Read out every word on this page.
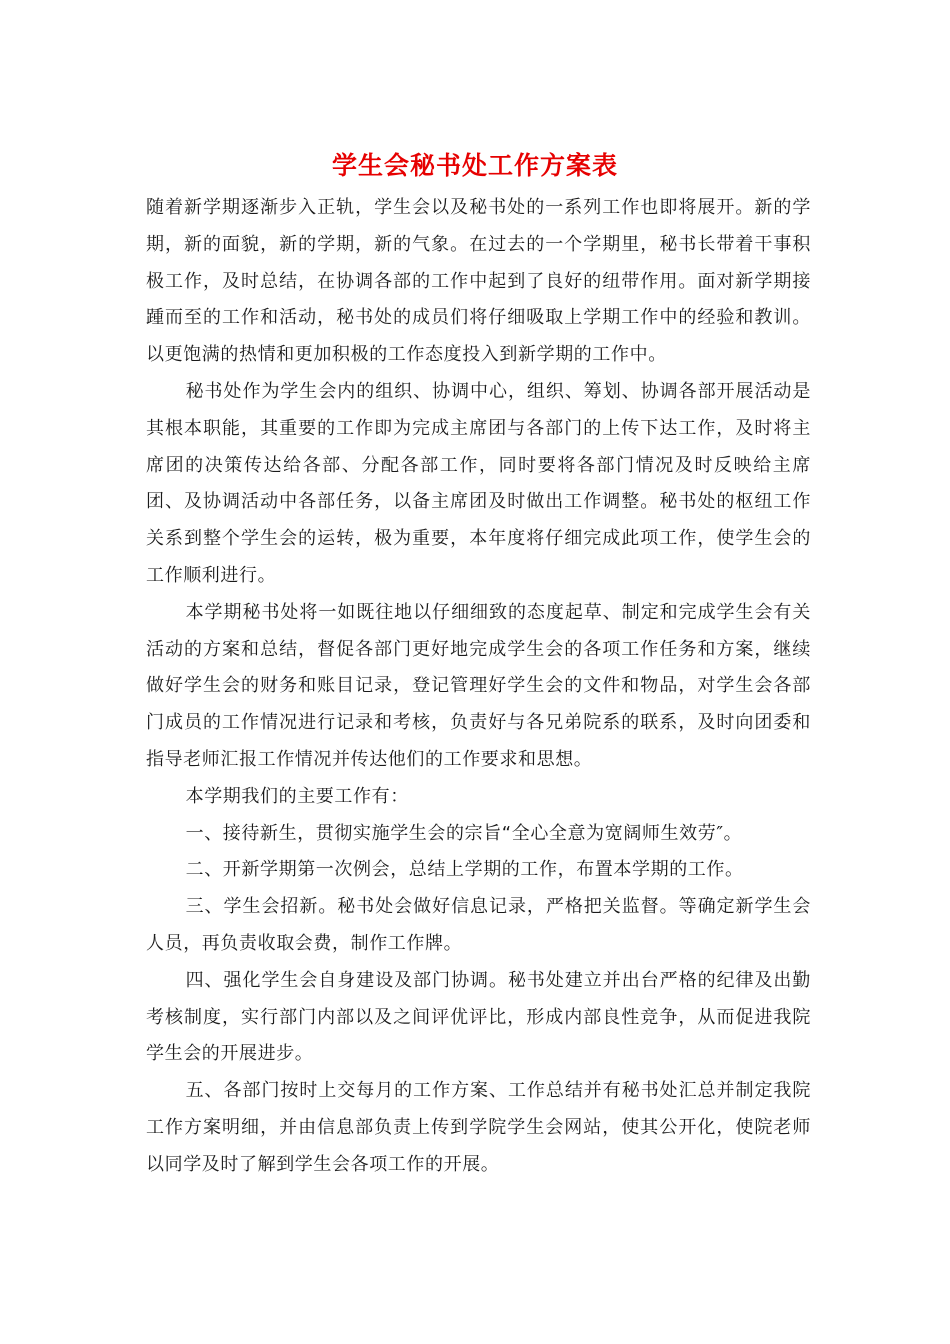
学生会秘书处工作方案表

随着新学期逐渐步入正轨，学生会以及秘书处的一系列工作也即将展开。新的学期，新的面貌，新的学期，新的气象。在过去的一个学期里，秘书长带着干事积极工作，及时总结，在协调各部的工作中起到了良好的纽带作用。面对新学期接踵而至的工作和活动，秘书处的成员们将仔细吸取上学期工作中的经验和教训。以更饱满的热情和更加积极的工作态度投入到新学期的工作中。

秘书处作为学生会内的组织、协调中心，组织、筹划、协调各部开展活动是其根本职能，其重要的工作即为完成主席团与各部门的上传下达工作，及时将主席团的决策传达给各部、分配各部工作，同时要将各部门情况及时反映给主席团、及协调活动中各部任务，以备主席团及时做出工作调整。秘书处的枢纽工作关系到整个学生会的运转，极为重要，本年度将仔细完成此项工作，使学生会的工作顺利进行。

本学期秘书处将一如既往地以仔细细致的态度起草、制定和完成学生会有关活动的方案和总结，督促各部门更好地完成学生会的各项工作任务和方案，继续做好学生会的财务和账目记录，登记管理好学生会的文件和物品，对学生会各部门成员的工作情况进行记录和考核，负责好与各兄弟院系的联系，及时向团委和指导老师汇报工作情况并传达他们的工作要求和思想。

本学期我们的主要工作有：

一、接待新生，贯彻实施学生会的宗旨“全心全意为宽阔师生效劳″。

二、开新学期第一次例会，总结上学期的工作，布置本学期的工作。

三、学生会招新。秘书处会做好信息记录，严格把关监督。等确定新学生会人员，再负责收取会费，制作工作牌。

四、强化学生会自身建设及部门协调。秘书处建立并出台严格的纪律及出勤考核制度，实行部门内部以及之间评优评比，形成内部良性竞争，从而促进我院学生会的开展进步。

五、各部门按时上交每月的工作方案、工作总结并有秘书处汇总并制定我院工作方案明细，并由信息部负责上传到学院学生会网站，使其公开化，使院老师以同学及时了解到学生会各项工作的开展。
